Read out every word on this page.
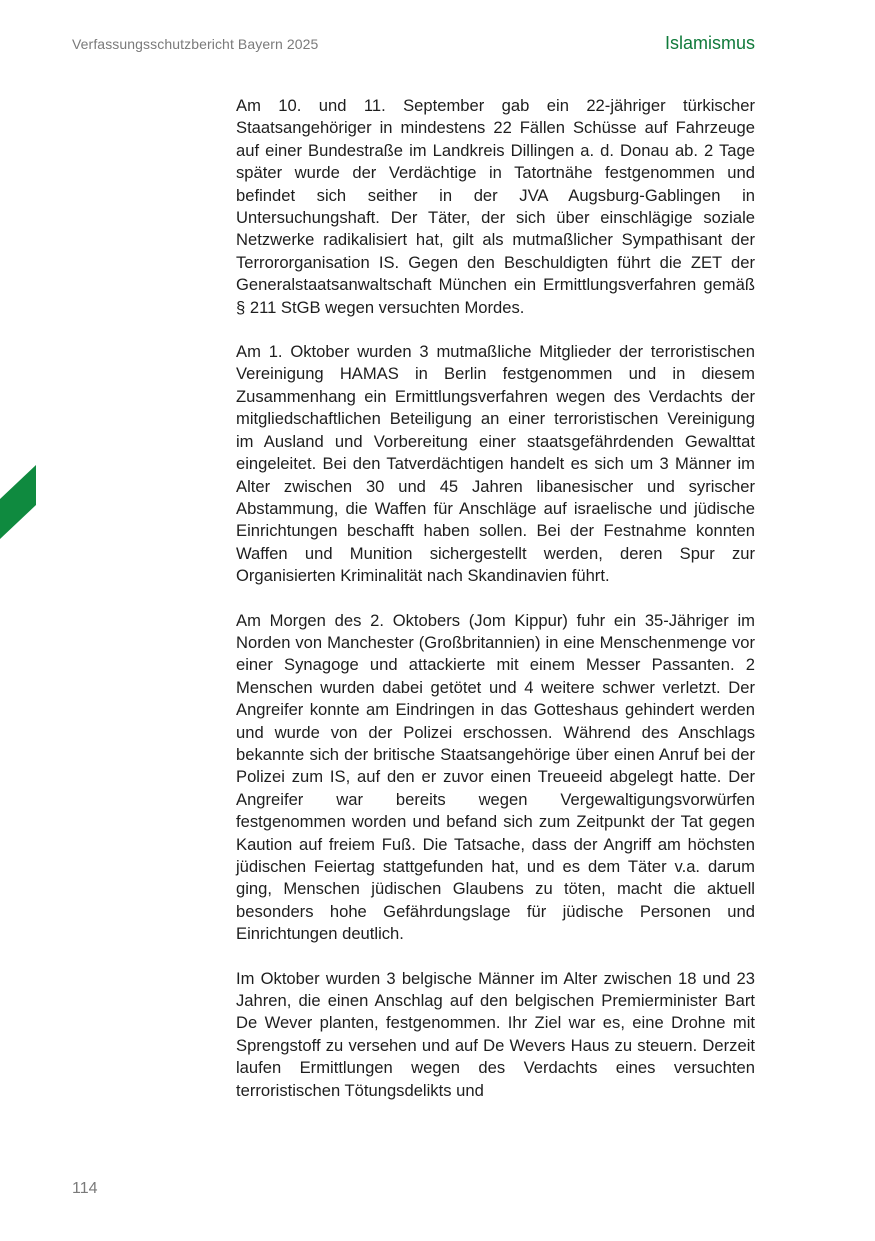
Verfassungsschutzbericht Bayern 2025	Islamismus

Am 10. und 11. September gab ein 22-jähriger türkischer Staatsangehöriger in mindestens 22 Fällen Schüsse auf Fahrzeuge auf einer Bundestraße im Landkreis Dillingen a. d. Donau ab. 2 Tage später wurde der Verdächtige in Tatortnähe festgenommen und befindet sich seither in der JVA Augsburg-Gablingen in Untersuchungshaft. Der Täter, der sich über einschlägige soziale Netzwerke radikalisiert hat, gilt als mutmaßlicher Sympathisant der Terrororganisation IS. Gegen den Beschuldigten führt die ZET der Generalstaatsanwaltschaft München ein Ermittlungsverfahren gemäß § 211 StGB wegen versuchten Mordes.

Am 1. Oktober wurden 3 mutmaßliche Mitglieder der terroristischen Vereinigung HAMAS in Berlin festgenommen und in diesem Zusammenhang ein Ermittlungsverfahren wegen des Verdachts der mitgliedschaftlichen Beteiligung an einer terroristischen Vereinigung im Ausland und Vorbereitung einer staatsgefährdenden Gewalttat eingeleitet. Bei den Tatverdächtigen handelt es sich um 3 Männer im Alter zwischen 30 und 45 Jahren libanesischer und syrischer Abstammung, die Waffen für Anschläge auf israelische und jüdische Einrichtungen beschafft haben sollen. Bei der Festnahme konnten Waffen und Munition sichergestellt werden, deren Spur zur Organisierten Kriminalität nach Skandinavien führt.

Am Morgen des 2. Oktobers (Jom Kippur) fuhr ein 35-Jähriger im Norden von Manchester (Großbritannien) in eine Menschenmenge vor einer Synagoge und attackierte mit einem Messer Passanten. 2 Menschen wurden dabei getötet und 4 weitere schwer verletzt. Der Angreifer konnte am Eindringen in das Gotteshaus gehindert werden und wurde von der Polizei erschossen. Während des Anschlags bekannte sich der britische Staatsangehörige über einen Anruf bei der Polizei zum IS, auf den er zuvor einen Treueeid abgelegt hatte. Der Angreifer war bereits wegen Vergewaltigungsvorwürfen festgenommen worden und befand sich zum Zeitpunkt der Tat gegen Kaution auf freiem Fuß. Die Tatsache, dass der Angriff am höchsten jüdischen Feiertag stattgefunden hat, und es dem Täter v.a. darum ging, Menschen jüdischen Glaubens zu töten, macht die aktuell besonders hohe Gefährdungslage für jüdische Personen und Einrichtungen deutlich.

Im Oktober wurden 3 belgische Männer im Alter zwischen 18 und 23 Jahren, die einen Anschlag auf den belgischen Premierminister Bart De Wever planten, festgenommen. Ihr Ziel war es, eine Drohne mit Sprengstoff zu versehen und auf De Wevers Haus zu steuern. Derzeit laufen Ermittlungen wegen des Verdachts eines versuchten terroristischen Tötungsdelikts und

114
